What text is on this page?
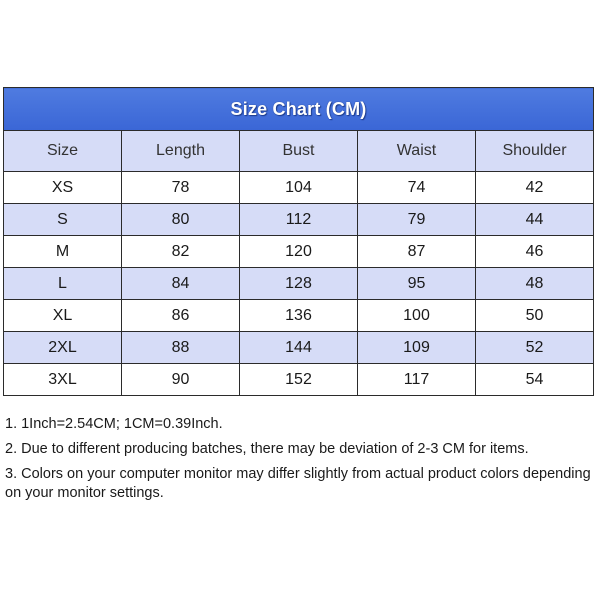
Size Chart (CM)				
Size	Length	Bust	Waist	Shoulder
XS	78	104	74	42
S	80	112	79	44
M	82	120	87	46
L	84	128	95	48
XL	86	136	100	50
2XL	88	144	109	52
3XL	90	152	117	54

1. 1Inch=2.54CM; 1CM=0.39Inch.

2. Due to different producing batches, there may be deviation of 2-3 CM for items.

3. Colors on your computer monitor may differ slightly from actual product colors depending on your monitor settings.
